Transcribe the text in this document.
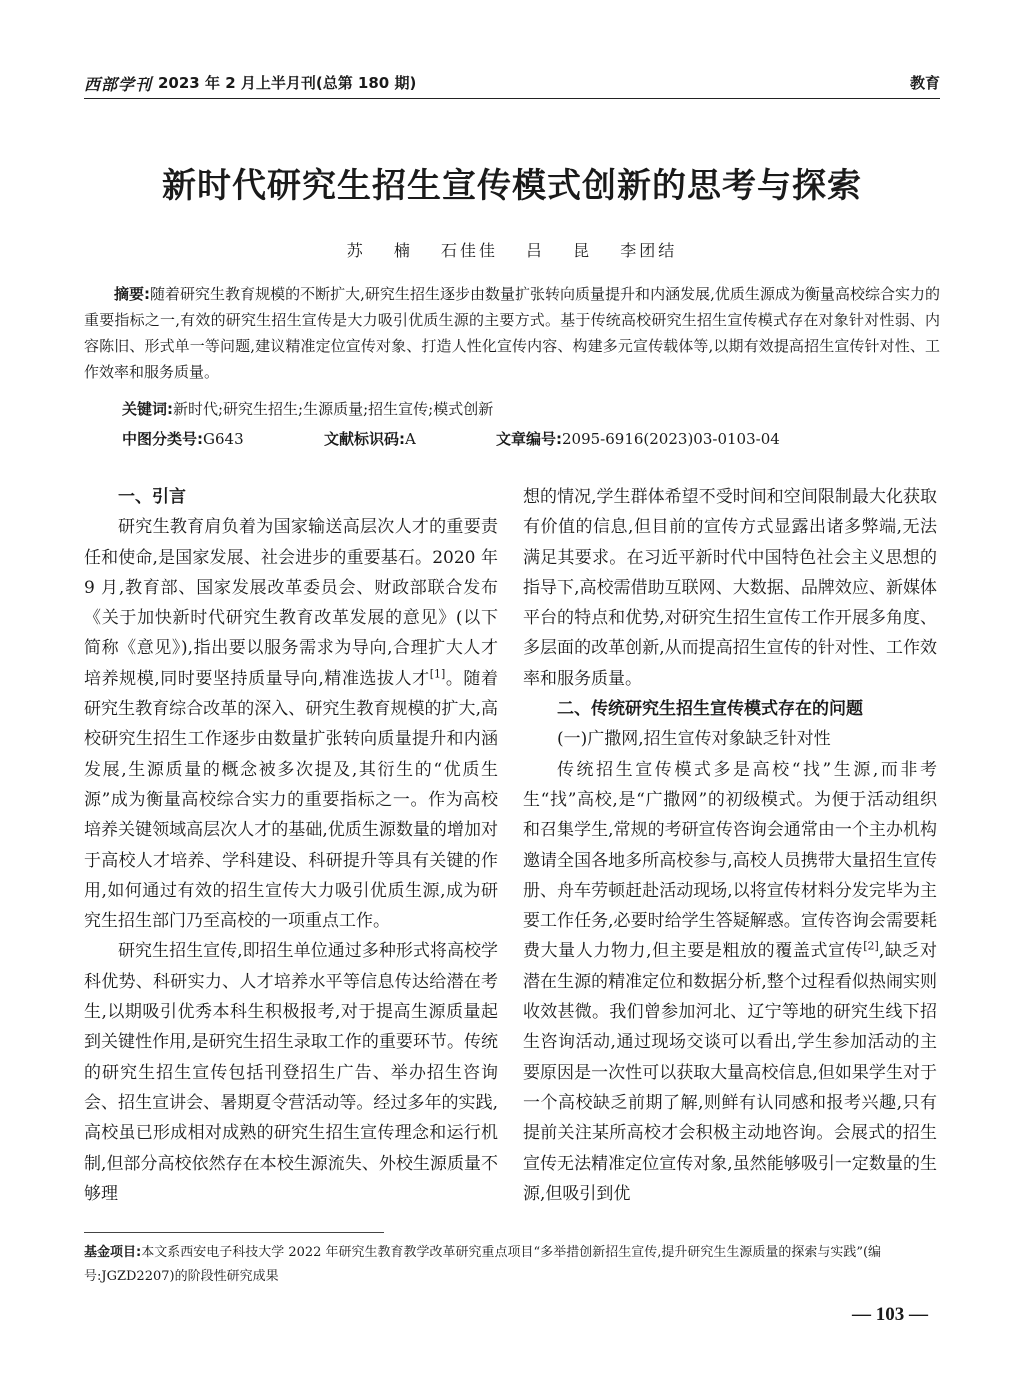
西部学刊 2023 年 2 月上半月刊(总第 180 期)	教育
新时代研究生招生宣传模式创新的思考与探索
苏 楠 石佳佳 吕 昆 李团结

摘要:随着研究生教育规模的不断扩大,研究生招生逐步由数量扩张转向质量提升和内涵发展,优质生源成为衡量高校综合实力的重要指标之一,有效的研究生招生宣传是大力吸引优质生源的主要方式。基于传统高校研究生招生宣传模式存在对象针对性弱、内容陈旧、形式单一等问题,建议精准定位宣传对象、打造人性化宣传内容、构建多元宣传载体等,以期有效提高招生宣传针对性、工作效率和服务质量。

关键词:新时代;研究生招生;生源质量;招生宣传;模式创新

中图分类号:G643	文献标识码:A	文章编号:2095-6916(2023)03-0103-04
一、引言

研究生教育肩负着为国家输送高层次人才的重要责任和使命,是国家发展、社会进步的重要基石。2020 年 9 月,教育部、国家发展改革委员会、财政部联合发布《关于加快新时代研究生教育改革发展的意见》(以下简称《意见》),指出要以服务需求为导向,合理扩大人才培养规模,同时要坚持质量导向,精准选拔人才[1]。随着研究生教育综合改革的深入、研究生教育规模的扩大,高校研究生招生工作逐步由数量扩张转向质量提升和内涵发展,生源质量的概念被多次提及,其衍生的“优质生源”成为衡量高校综合实力的重要指标之一。作为高校培养关键领域高层次人才的基础,优质生源数量的增加对于高校人才培养、学科建设、科研提升等具有关键的作用,如何通过有效的招生宣传大力吸引优质生源,成为研究生招生部门乃至高校的一项重点工作。

研究生招生宣传,即招生单位通过多种形式将高校学科优势、科研实力、人才培养水平等信息传达给潜在考生,以期吸引优秀本科生积极报考,对于提高生源质量起到关键性作用,是研究生招生录取工作的重要环节。传统的研究生招生宣传包括刊登招生广告、举办招生咨询会、招生宣讲会、暑期夏令营活动等。经过多年的实践,高校虽已形成相对成熟的研究生招生宣传理念和运行机制,但部分高校依然存在本校生源流失、外校生源质量不够理

想的情况,学生群体希望不受时间和空间限制最大化获取有价值的信息,但目前的宣传方式显露出诸多弊端,无法满足其要求。在习近平新时代中国特色社会主义思想的指导下,高校需借助互联网、大数据、品牌效应、新媒体平台的特点和优势,对研究生招生宣传工作开展多角度、多层面的改革创新,从而提高招生宣传的针对性、工作效率和服务质量。

二、传统研究生招生宣传模式存在的问题
(一)广撒网,招生宣传对象缺乏针对性

传统招生宣传模式多是高校“找”生源,而非考生“找”高校,是“广撒网”的初级模式。为便于活动组织和召集学生,常规的考研宣传咨询会通常由一个主办机构邀请全国各地多所高校参与,高校人员携带大量招生宣传册、舟车劳顿赶赴活动现场,以将宣传材料分发完毕为主要工作任务,必要时给学生答疑解惑。宣传咨询会需要耗费大量人力物力,但主要是粗放的覆盖式宣传[2],缺乏对潜在生源的精准定位和数据分析,整个过程看似热闹实则收效甚微。我们曾参加河北、辽宁等地的研究生线下招生咨询活动,通过现场交谈可以看出,学生参加活动的主要原因是一次性可以获取大量高校信息,但如果学生对于一个高校缺乏前期了解,则鲜有认同感和报考兴趣,只有提前关注某所高校才会积极主动地咨询。会展式的招生宣传无法精准定位宣传对象,虽然能够吸引一定数量的生源,但吸引到优

基金项目:本文系西安电子科技大学 2022 年研究生教育教学改革研究重点项目“多举措创新招生宣传,提升研究生生源质量的探索与实践”(编号:JGZD2207)的阶段性研究成果

— 103 —
